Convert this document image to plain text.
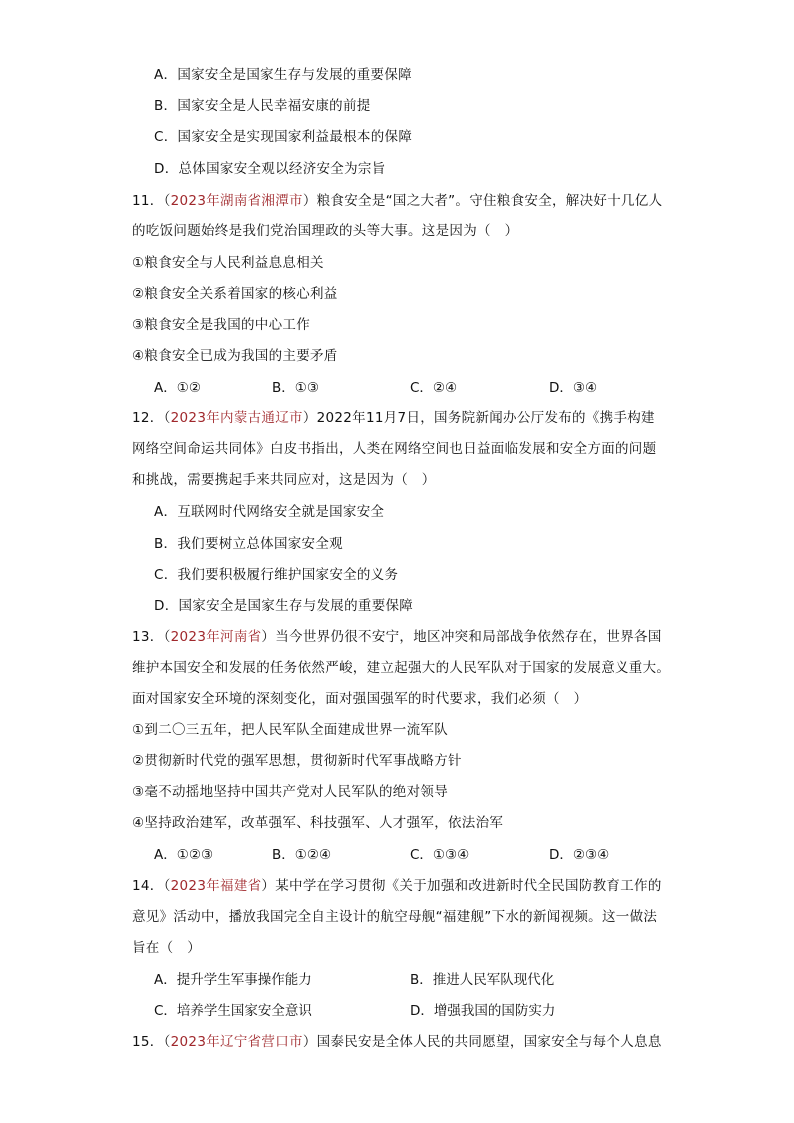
A．国家安全是国家生存与发展的重要保障
B．国家安全是人民幸福安康的前提
C．国家安全是实现国家利益最根本的保障
D．总体国家安全观以经济安全为宗旨
11．（2023年湖南省湘潭市）粮食安全是“国之大者”。守住粮食安全，解决好十几亿人
的吃饭问题始终是我们党治国理政的头等大事。这是因为（　）
①粮食安全与人民利益息息相关
②粮食安全关系着国家的核心利益
③粮食安全是我国的中心工作
④粮食安全已成为我国的主要矛盾
A．①②	B．①③	C．②④	D．③④
12．（2023年内蒙古通辽市）2022年11月7日，国务院新闻办公厅发布的《携手构建
网络空间命运共同体》白皮书指出，人类在网络空间也日益面临发展和安全方面的问题
和挑战，需要携起手来共同应对，这是因为（　）
A．互联网时代网络安全就是国家安全
B．我们要树立总体国家安全观
C．我们要积极履行维护国家安全的义务
D．国家安全是国家生存与发展的重要保障
13．（2023年河南省）当今世界仍很不安宁，地区冲突和局部战争依然存在，世界各国
维护本国安全和发展的任务依然严峻，建立起强大的人民军队对于国家的发展意义重大。
面对国家安全环境的深刻变化，面对强国强军的时代要求，我们必须（　）
①到二〇三五年，把人民军队全面建成世界一流军队
②贯彻新时代党的强军思想，贯彻新时代军事战略方针
③毫不动摇地坚持中国共产党对人民军队的绝对领导
④坚持政治建军，改革强军、科技强军、人才强军，依法治军
A．①②③	B．①②④	C．①③④	D．②③④
14．（2023年福建省）某中学在学习贯彻《关于加强和改进新时代全民国防教育工作的
意见》活动中，播放我国完全自主设计的航空母舰“福建舰”下水的新闻视频。这一做法
旨在（　）
A．提升学生军事操作能力	B．推进人民军队现代化
C．培养学生国家安全意识	D．增强我国的国防实力
15．（2023年辽宁省营口市）国泰民安是全体人民的共同愿望，国家安全与每个人息息
